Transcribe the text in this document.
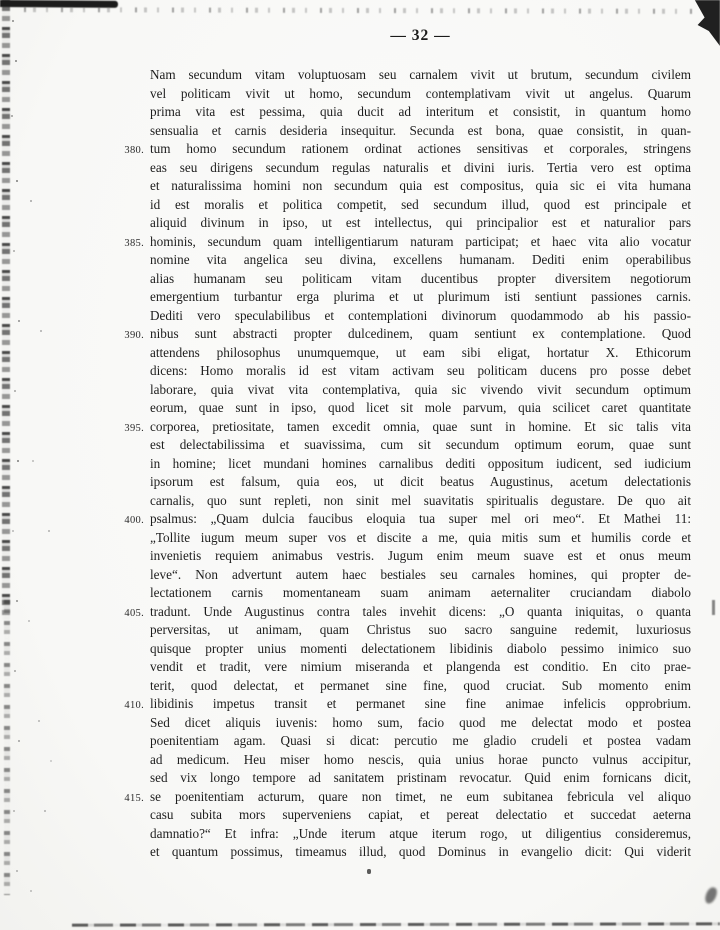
— 32 —
Nam secundum vitam voluptuosam seu carnalem vivit ut brutum, secundum civilem
vel politicam vivit ut homo, secundum contemplativam vivit ut angelus. Quarum
prima vita est pessima, quia ducit ad interitum et consistit, in quantum homo
sensualia et carnis desideria insequitur. Secunda est bona, quae consistit, in quan-
380. tum homo secundum rationem ordinat actiones sensitivas et corporales, stringens
eas seu dirigens secundum regulas naturalis et divini iuris. Tertia vero est optima
et naturalissima homini non secundum quia est compositus, quia sic ei vita humana
id est moralis et politica competit, sed secundum illud, quod est principale et
aliquid divinum in ipso, ut est intellectus, qui principalior est et naturalior pars
385. hominis, secundum quam intelligentiarum naturam participat; et haec vita alio vocatur
nomine vita angelica seu divina, excellens humanam. Dediti enim operabilibus
alias humanam seu politicam vitam ducentibus propter diversitem negotiorum
emergentium turbantur erga plurima et ut plurimum isti sentiunt passiones carnis.
Dediti vero speculabilibus et contemplationi divinorum quodammodo ab his passio-
390. nibus sunt abstracti propter dulcedinem, quam sentiunt ex contemplatione. Quod
attendens philosophus unumquemque, ut eam sibi eligat, hortatur X. Ethicorum
dicens: Homo moralis id est vitam activam seu politicam ducens pro posse debet
laborare, quia vivat vita contemplativa, quia sic vivendo vivit secundum optimum
eorum, quae sunt in ipso, quod licet sit mole parvum, quia scilicet caret quantitate
395. corporea, pretiositate, tamen excedit omnia, quae sunt in homine. Et sic talis vita
est delectabilissima et suavissima, cum sit secundum optimum eorum, quae sunt
in homine; licet mundani homines carnalibus dediti oppositum iudicent, sed iudicium
ipsorum est falsum, quia eos, ut dicit beatus Augustinus, acetum delectationis
carnalis, quo sunt repleti, non sinit mel suavitatis spiritualis degustare. De quo ait
400. psalmus: „Quam dulcia faucibus eloquia tua super mel ori meo“. Et Mathei 11:
„Tollite iugum meum super vos et discite a me, quia mitis sum et humilis corde et
invenietis requiem animabus vestris. Jugum enim meum suave est et onus meum
leve“. Non advertunt autem haec bestiales seu carnales homines, qui propter de-
lectationem carnis momentaneam suam animam aeternaliter cruciandam diabolo
405. tradunt. Unde Augustinus contra tales invehit dicens: „O quanta iniquitas, o quanta
perversitas, ut animam, quam Christus suo sacro sanguine redemit, luxuriosus
quisque propter unius momenti delectationem libidinis diabolo pessimo inimico suo
vendit et tradit, vere nimium miseranda et plangenda est conditio. En cito prae-
terit, quod delectat, et permanet sine fine, quod cruciat. Sub momento enim
410. libidinis impetus transit et permanet sine fine animae infelicis opprobrium.
Sed dicet aliquis iuvenis: homo sum, facio quod me delectat modo et postea
poenitentiam agam. Quasi si dicat: percutio me gladio crudeli et postea vadam
ad medicum. Heu miser homo nescis, quia unius horae puncto vulnus accipitur,
sed vix longo tempore ad sanitatem pristinam revocatur. Quid enim fornicans dicit,
415. se poenitentiam acturum, quare non timet, ne eum subitanea febricula vel aliquo
casu subita mors superveniens capiat, et pereat delectatio et succedat aeterna
damnatio?“ Et infra: „Unde iterum atque iterum rogo, ut diligentius consideremus,
et quantum possimus, timeamus illud, quod Dominus in evangelio dicit: Qui viderit
